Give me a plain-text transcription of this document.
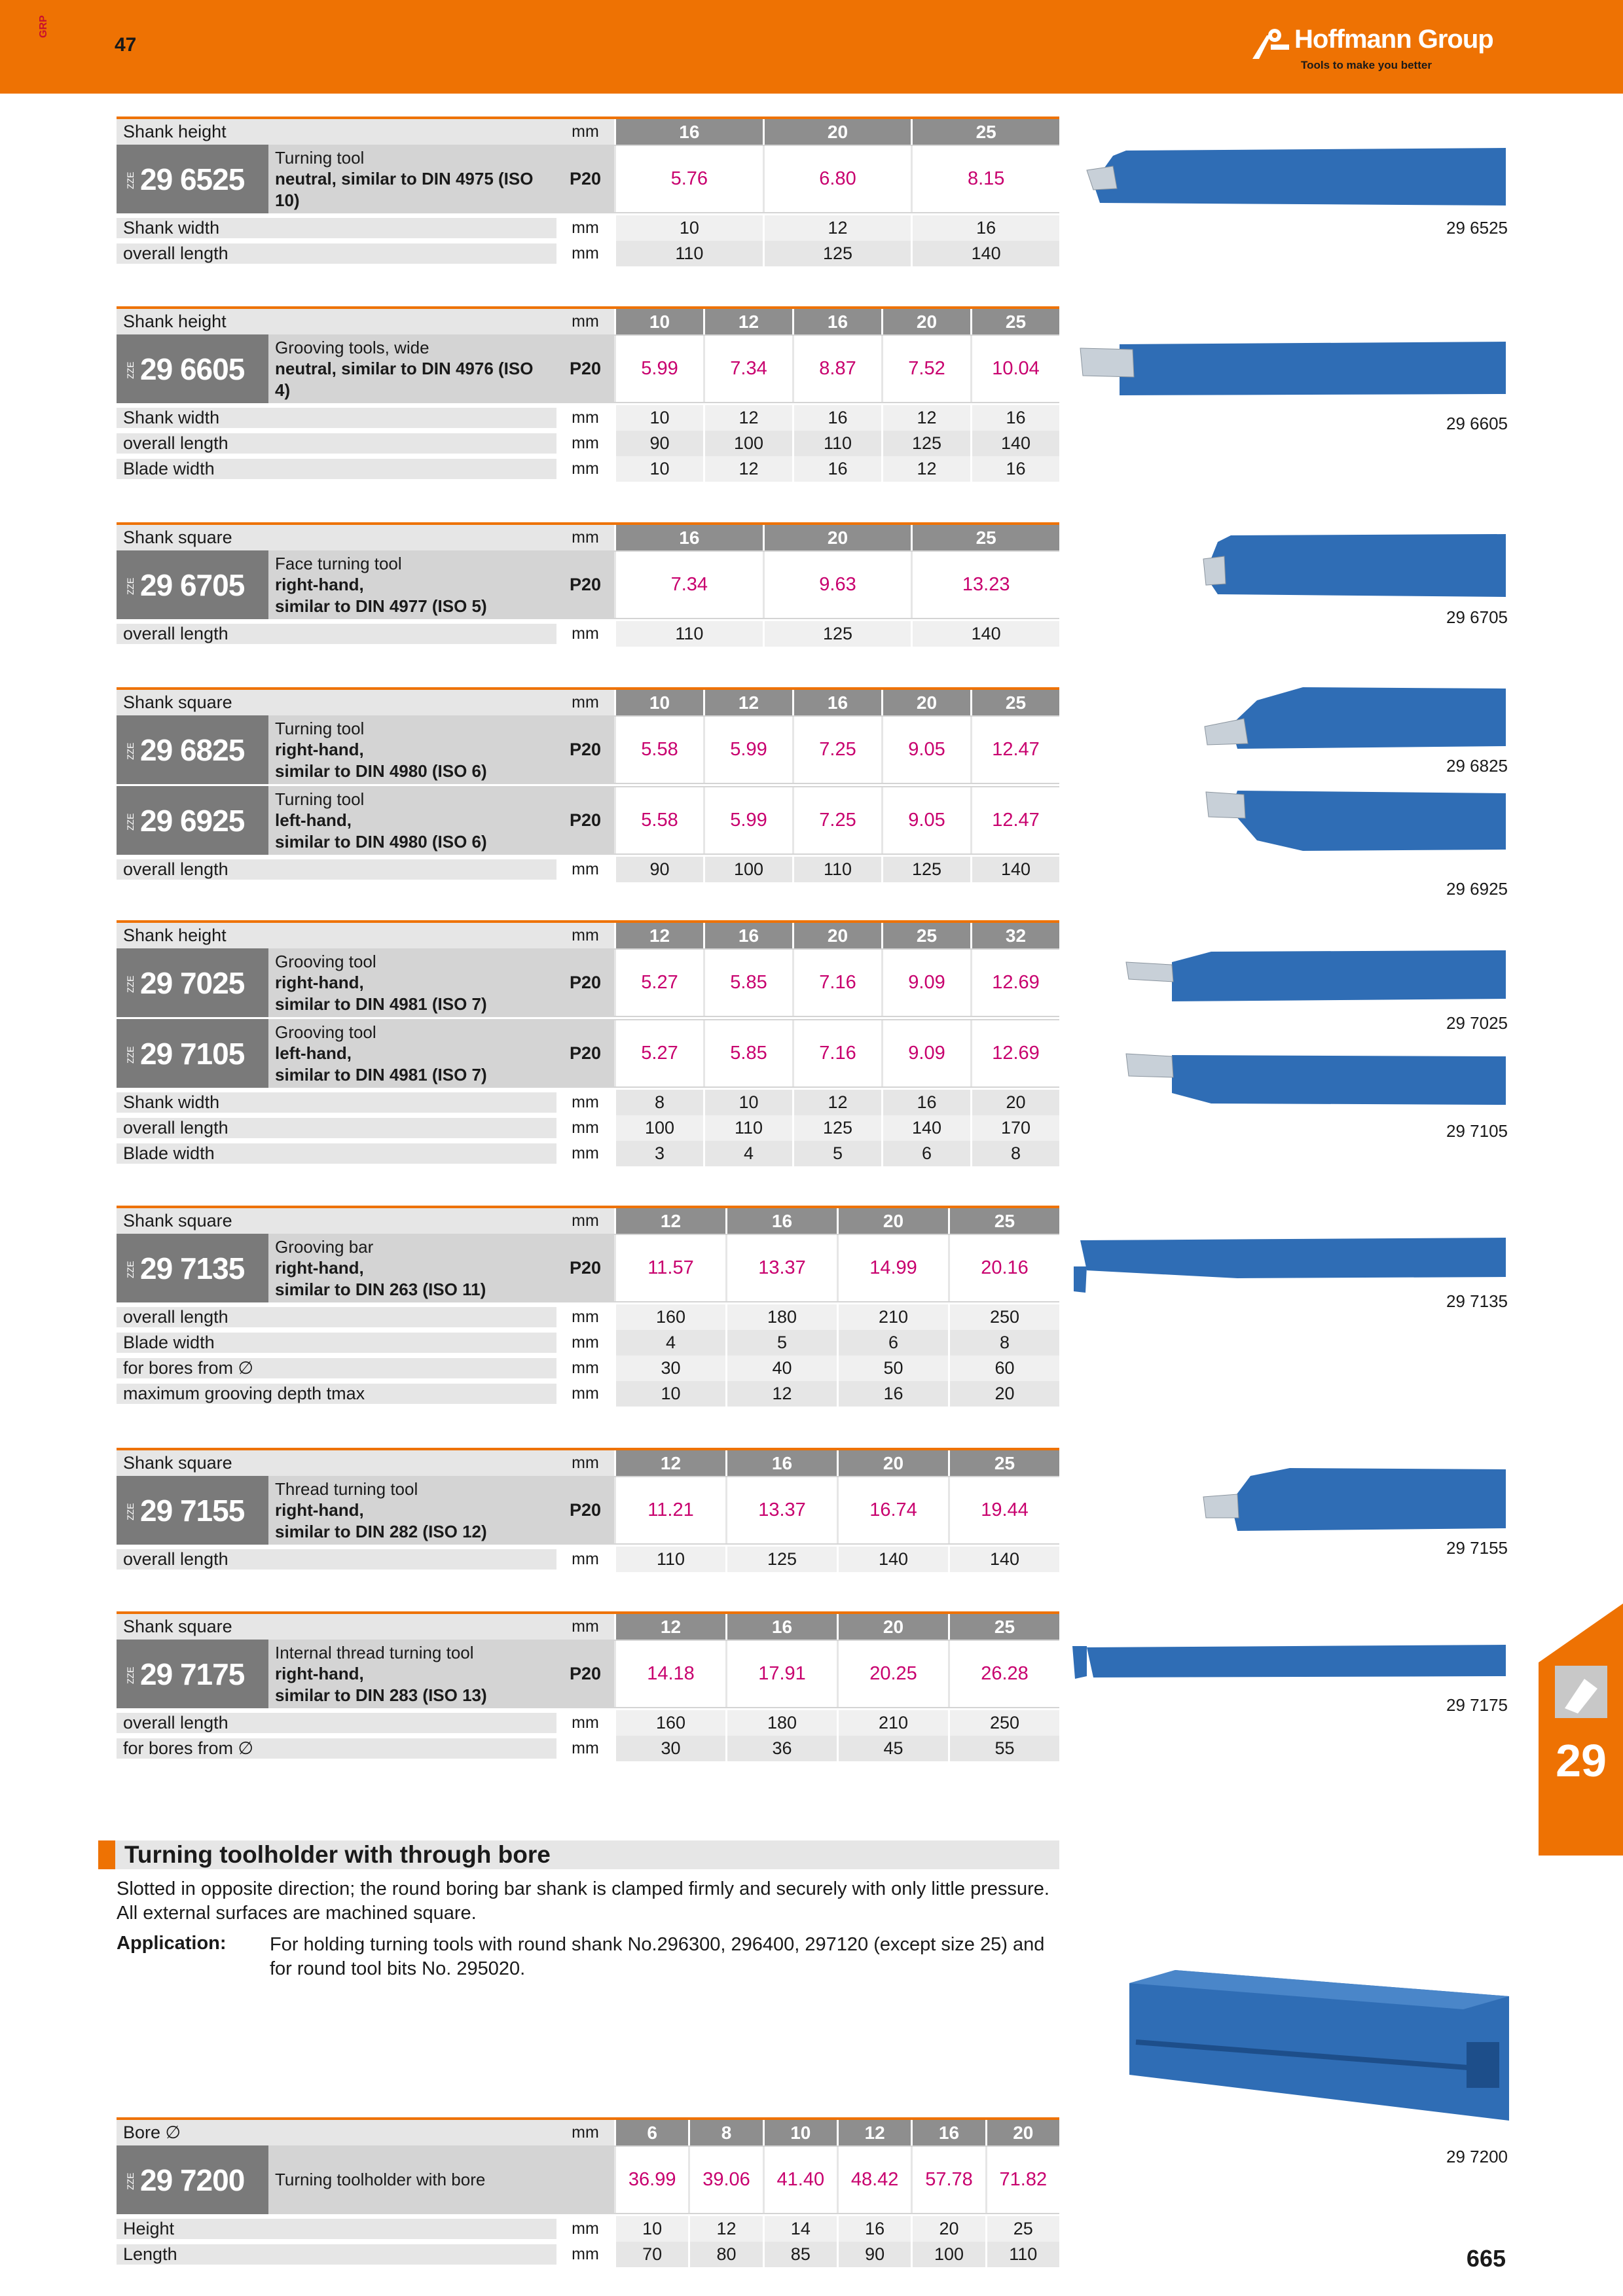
GRP
47	Hoffmann Group
Tools to make you better
Shank height	mm	16	20	25
ZZE 29 6525
Turning tool
neutral, similar to DIN 4975 (ISO 10)
P20	5.76	6.80	8.15
Shank width	mm	10	12	16
overall length	mm	110	125	140
Shank height	mm	10	12	16	20	25
ZZE 29 6605
Grooving tools, wide
neutral, similar to DIN 4976 (ISO 4)
P20	5.99	7.34	8.87	7.52	10.04
Shank width	mm	10	12	16	12	16
overall length	mm	90	100	110	125	140
Blade width	mm	10	12	16	12	16
Shank square	mm	16	20	25
ZZE 29 6705
Face turning tool
right-hand,
similar to DIN 4977 (ISO 5)
P20	7.34	9.63	13.23
overall length	mm	110	125	140
Shank square	mm	10	12	16	20	25
ZZE 29 6825
Turning tool
right-hand,
similar to DIN 4980 (ISO 6)
P20	5.58	5.99	7.25	9.05	12.47
ZZE 29 6925
Turning tool
left-hand,
similar to DIN 4980 (ISO 6)
P20	5.58	5.99	7.25	9.05	12.47
overall length	mm	90	100	110	125	140
Shank height	mm	12	16	20	25	32
ZZE 29 7025
Grooving tool
right-hand,
similar to DIN 4981 (ISO 7)
P20	5.27	5.85	7.16	9.09	12.69
ZZE 29 7105
Grooving tool
left-hand,
similar to DIN 4981 (ISO 7)
P20	5.27	5.85	7.16	9.09	12.69
Shank width	mm	8	10	12	16	20
overall length	mm	100	110	125	140	170
Blade width	mm	3	4	5	6	8
Shank square	mm	12	16	20	25
ZZE 29 7135
Grooving bar
right-hand,
similar to DIN 263 (ISO 11)
P20	11.57	13.37	14.99	20.16
overall length	mm	160	180	210	250
Blade width	mm	4	5	6	8
for bores from ∅	mm	30	40	50	60
maximum grooving depth tmax	mm	10	12	16	20
Shank square	mm	12	16	20	25
ZZE 29 7155
Thread turning tool
right-hand,
similar to DIN 282 (ISO 12)
P20	11.21	13.37	16.74	19.44
overall length	mm	110	125	140	140
Shank square	mm	12	16	20	25
ZZE 29 7175
Internal thread turning tool
right-hand,
similar to DIN 283 (ISO 13)
P20	14.18	17.91	20.25	26.28
overall length	mm	160	180	210	250
for bores from ∅	mm	30	36	45	55
Bore ∅	mm	6	8	10	12	16	20
ZZE 29 7200 Turning toolholder with bore	36.99	39.06	41.40	48.42	57.78	71.82
Height	mm	10	12	14	16	20	25
Length	mm	70	80	85	90	100	110
29 6525
29 6605
29 6705
29 6825
29 6925
29 7025
29 7105
29 7135
29 7155
29 7175
29 7200
29
Turning toolholder with through bore
Slotted in opposite direction; the round boring bar shank is clamped firmly and securely with only little pressure. All external surfaces are machined square.
Application: For holding turning tools with round shank No.296300, 296400, 297120 (except size 25) and for round tool bits No. 295020.
665
